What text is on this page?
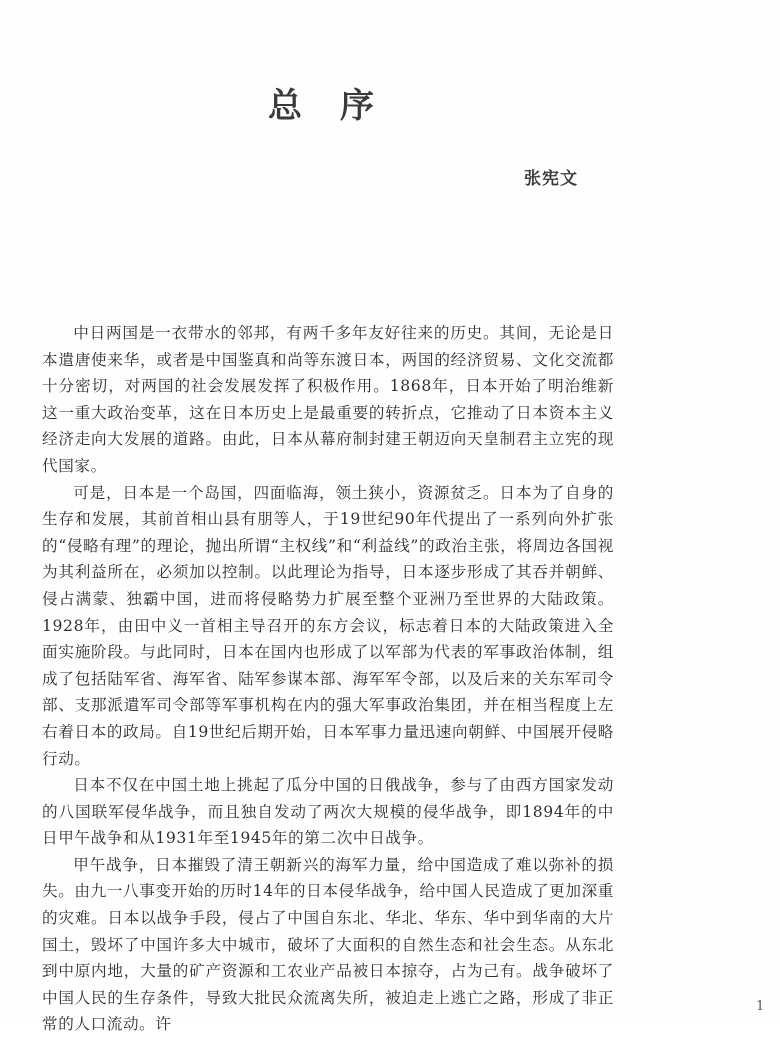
总序
张宪文

中日两国是一衣带水的邻邦，有两千多年友好往来的历史。其间，无论是日本遣唐使来华，或者是中国鉴真和尚等东渡日本，两国的经济贸易、文化交流都十分密切，对两国的社会发展发挥了积极作用。1868年，日本开始了明治维新这一重大政治变革，这在日本历史上是最重要的转折点，它推动了日本资本主义经济走向大发展的道路。由此，日本从幕府制封建王朝迈向天皇制君主立宪的现代国家。

可是，日本是一个岛国，四面临海，领土狭小，资源贫乏。日本为了自身的生存和发展，其前首相山县有朋等人，于19世纪90年代提出了一系列向外扩张的“侵略有理”的理论，抛出所谓“主权线”和“利益线”的政治主张，将周边各国视为其利益所在，必须加以控制。以此理论为指导，日本逐步形成了其吞并朝鲜、侵占满蒙、独霸中国，进而将侵略势力扩展至整个亚洲乃至世界的大陆政策。1928年，由田中义一首相主导召开的东方会议，标志着日本的大陆政策进入全面实施阶段。与此同时，日本在国内也形成了以军部为代表的军事政治体制，组成了包括陆军省、海军省、陆军参谋本部、海军军令部，以及后来的关东军司令部、支那派遣军司令部等军事机构在内的强大军事政治集团，并在相当程度上左右着日本的政局。自19世纪后期开始，日本军事力量迅速向朝鲜、中国展开侵略行动。

日本不仅在中国土地上挑起了瓜分中国的日俄战争，参与了由西方国家发动的八国联军侵华战争，而且独自发动了两次大规模的侵华战争，即1894年的中日甲午战争和从1931年至1945年的第二次中日战争。

甲午战争，日本摧毁了清王朝新兴的海军力量，给中国造成了难以弥补的损失。由九一八事变开始的历时14年的日本侵华战争，给中国人民造成了更加深重的灾难。日本以战争手段，侵占了中国自东北、华北、华东、华中到华南的大片国土，毁坏了中国许多大中城市，破坏了大面积的自然生态和社会生态。从东北到中原内地，大量的矿产资源和工农业产品被日本掠夺，占为己有。战争破坏了中国人民的生存条件，导致大批民众流离失所，被迫走上逃亡之路，形成了非正常的人口流动。许

1
